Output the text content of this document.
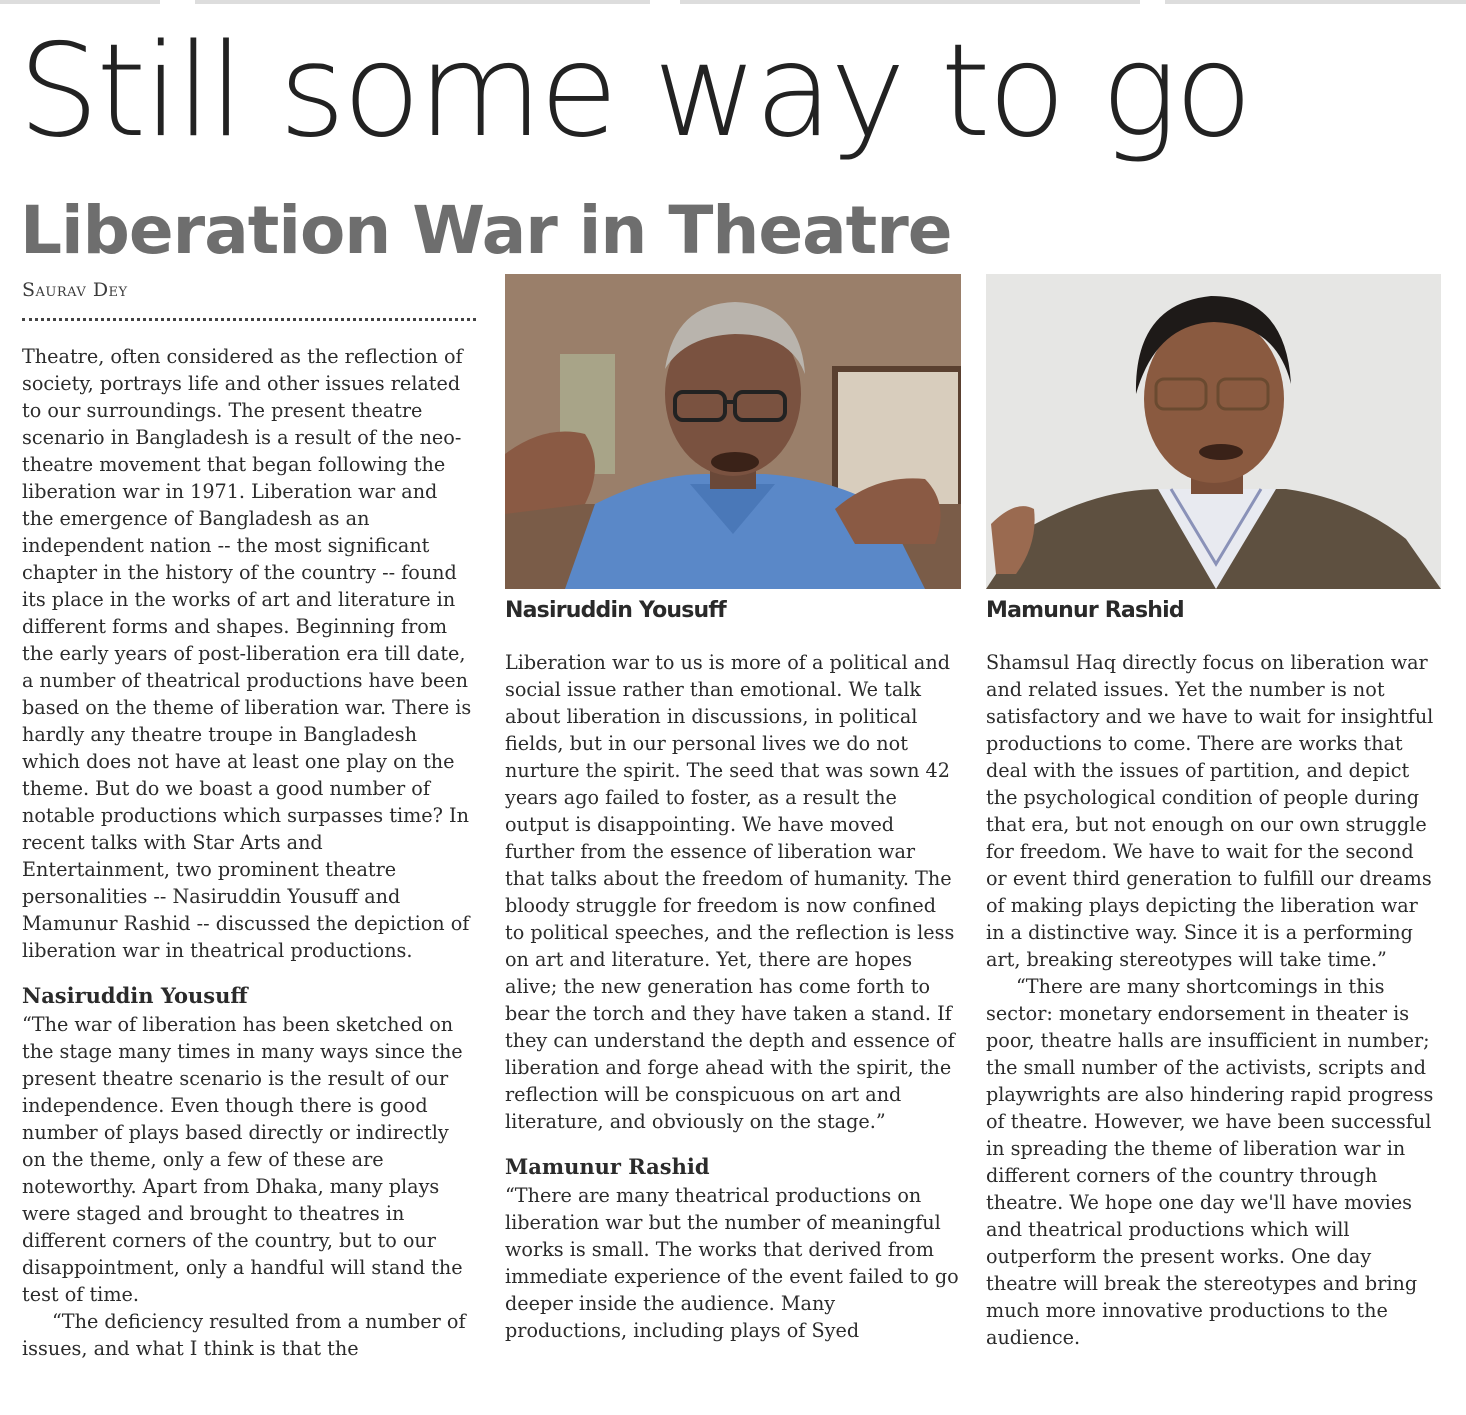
Still some way to go
Liberation War in Theatre
Saurav Dey

Theatre, often considered as the reflection of society, portrays life and other issues related to our surroundings. The present theatre scenario in Bangladesh is a result of the neo-theatre movement that began following the liberation war in 1971. Liberation war and the emergence of Bangladesh as an independent nation -- the most significant chapter in the history of the country -- found its place in the works of art and literature in different forms and shapes. Beginning from the early years of post-liberation era till date, a number of theatrical productions have been based on the theme of liberation war. There is hardly any theatre troupe in Bangladesh which does not have at least one play on the theme. But do we boast a good number of notable productions which surpasses time? In recent talks with Star Arts and Entertainment, two prominent theatre personalities -- Nasiruddin Yousuff and Mamunur Rashid -- discussed the depiction of liberation war in theatrical productions.

Nasiruddin Yousuff

“The war of liberation has been sketched on the stage many times in many ways since the present theatre scenario is the result of our independence. Even though there is good number of plays based directly or indirectly on the theme, only a few of these are noteworthy. Apart from Dhaka, many plays were staged and brought to theatres in different corners of the country, but to our disappointment, only a handful will stand the test of time.

“The deficiency resulted from a number of issues, and what I think is that the

Nasiruddin Yousuff	Mamunur Rashid

Liberation war to us is more of a political and social issue rather than emotional. We talk about liberation in discussions, in political fields, but in our personal lives we do not nurture the spirit. The seed that was sown 42 years ago failed to foster, as a result the output is disappointing. We have moved further from the essence of liberation war that talks about the freedom of humanity. The bloody struggle for freedom is now confined to political speeches, and the reflection is less on art and literature. Yet, there are hopes alive; the new generation has come forth to bear the torch and they have taken a stand. If they can understand the depth and essence of liberation and forge ahead with the spirit, the reflection will be conspicuous on art and literature, and obviously on the stage.”

Mamunur Rashid

“There are many theatrical productions on liberation war but the number of meaningful works is small. The works that derived from immediate experience of the event failed to go deeper inside the audience. Many productions, including plays of Syed

Shamsul Haq directly focus on liberation war and related issues. Yet the number is not satisfactory and we have to wait for insightful productions to come. There are works that deal with the issues of partition, and depict the psychological condition of people during that era, but not enough on our own struggle for freedom. We have to wait for the second or event third generation to fulfill our dreams of making plays depicting the liberation war in a distinctive way. Since it is a performing art, breaking stereotypes will take time.”

“There are many shortcomings in this sector: monetary endorsement in theater is poor, theatre halls are insufficient in number; the small number of the activists, scripts and playwrights are also hindering rapid progress of theatre. However, we have been successful in spreading the theme of liberation war in different corners of the country through theatre. We hope one day we'll have movies and theatrical productions which will outperform the present works. One day theatre will break the stereotypes and bring much more innovative productions to the audience.
